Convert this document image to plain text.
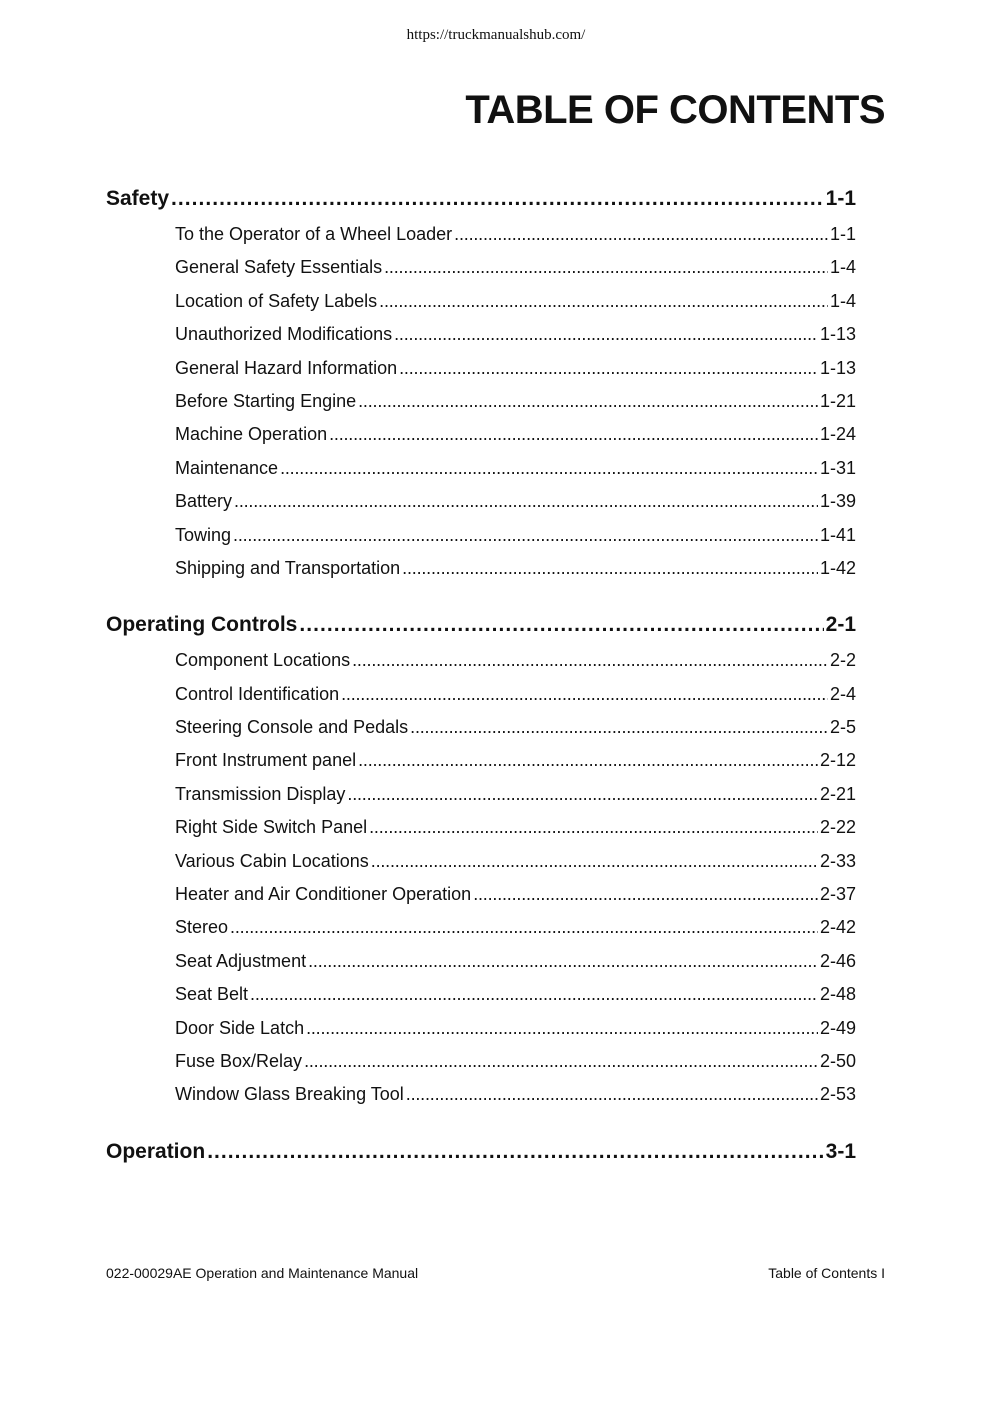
https://truckmanualshub.com/
TABLE OF CONTENTS
Safety . . .	1-1
To the Operator of a Wheel Loader . . .	1-1
General Safety Essentials . . .	1-4
Location of Safety Labels . . .	1-4
Unauthorized Modifications . . .	1-13
General Hazard Information . . .	1-13
Before Starting Engine . . .	1-21
Machine Operation . . .	1-24
Maintenance . . .	1-31
Battery . . .	1-39
Towing . . .	1-41
Shipping and Transportation . . .	1-42
Operating Controls . . .	2-1
Component Locations . . .	2-2
Control Identification . . .	2-4
Steering Console and Pedals . . .	2-5
Front Instrument panel . . .	2-12
Transmission Display . . .	2-21
Right Side Switch Panel . . .	2-22
Various Cabin Locations . . .	2-33
Heater and Air Conditioner Operation . . .	2-37
Stereo . . .	2-42
Seat Adjustment . . .	2-46
Seat Belt . . .	2-48
Door Side Latch . . .	2-49
Fuse Box/Relay . . .	2-50
Window Glass Breaking Tool . . .	2-53
Operation . . .	3-1
022-00029AE Operation and Maintenance Manual	Table of Contents I
